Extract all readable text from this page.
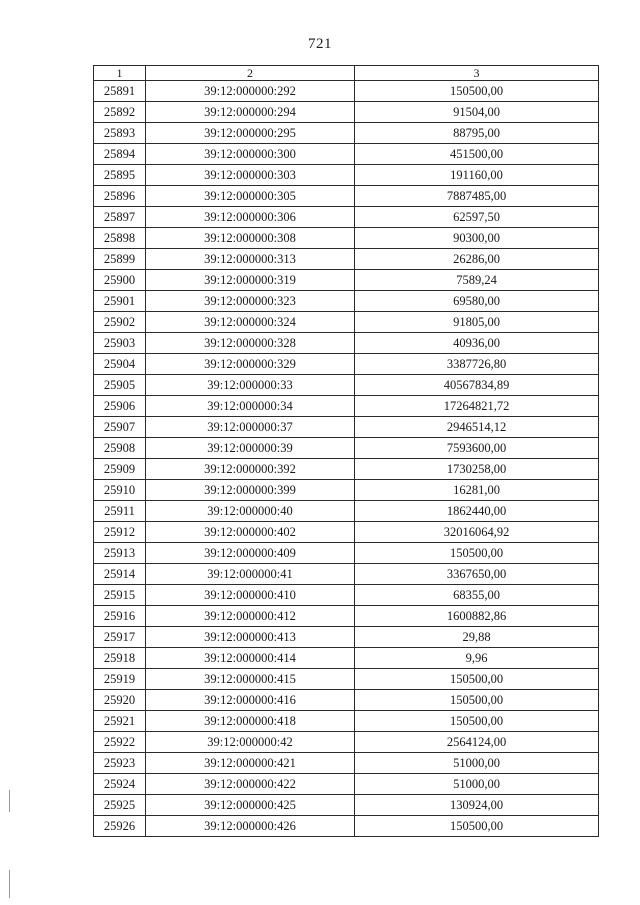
721
1	2	3
25891	39:12:000000:292	150500,00
25892	39:12:000000:294	91504,00
25893	39:12:000000:295	88795,00
25894	39:12:000000:300	451500,00
25895	39:12:000000:303	191160,00
25896	39:12:000000:305	7887485,00
25897	39:12:000000:306	62597,50
25898	39:12:000000:308	90300,00
25899	39:12:000000:313	26286,00
25900	39:12:000000:319	7589,24
25901	39:12:000000:323	69580,00
25902	39:12:000000:324	91805,00
25903	39:12:000000:328	40936,00
25904	39:12:000000:329	3387726,80
25905	39:12:000000:33	40567834,89
25906	39:12:000000:34	17264821,72
25907	39:12:000000:37	2946514,12
25908	39:12:000000:39	7593600,00
25909	39:12:000000:392	1730258,00
25910	39:12:000000:399	16281,00
25911	39:12:000000:40	1862440,00
25912	39:12:000000:402	32016064,92
25913	39:12:000000:409	150500,00
25914	39:12:000000:41	3367650,00
25915	39:12:000000:410	68355,00
25916	39:12:000000:412	1600882,86
25917	39:12:000000:413	29,88
25918	39:12:000000:414	9,96
25919	39:12:000000:415	150500,00
25920	39:12:000000:416	150500,00
25921	39:12:000000:418	150500,00
25922	39:12:000000:42	2564124,00
25923	39:12:000000:421	51000,00
25924	39:12:000000:422	51000,00
25925	39:12:000000:425	130924,00
25926	39:12:000000:426	150500,00
